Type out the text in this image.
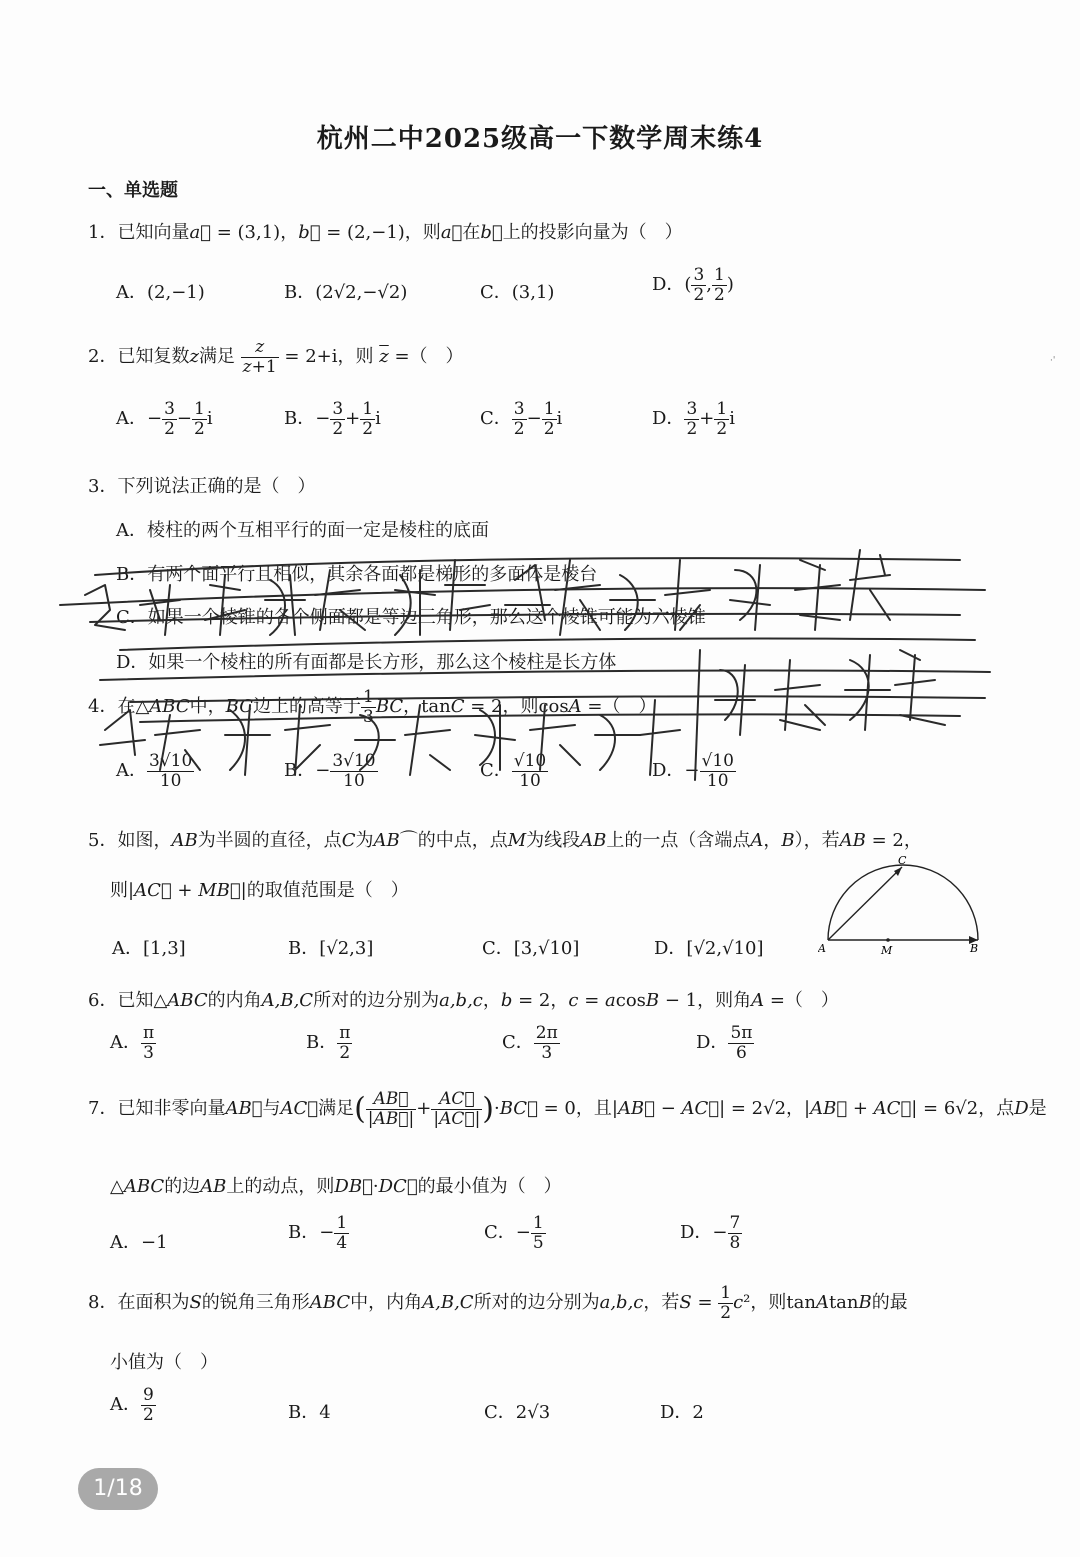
杭州二中2025级高一下数学周末练4
一、单选题
1．已知向量a⃗ = (3,1)，b⃗ = (2,−1)，则a⃗在b⃗上的投影向量为（　）
A．(2,−1)	B．(2√2,−√2)	C．(3,1)	D．( $\frac{3}{2}$ , $\frac{1}{2}$ )
2．已知复数z满足 $\frac{z}{z+1} = 2+i$，则 $\overline{z}$ =（　）
A．− $\frac{3}{2} - \frac{1}{2}$ i	B．− $\frac{3}{2} + \frac{1}{2}$ i	C． $\frac{3}{2} - \frac{1}{2}$ i	D． $\frac{3}{2} + \frac{1}{2}$ i
3．下列说法正确的是（　）
A．棱柱的两个互相平行的面一定是棱柱的底面
B．有两个面平行且相似，其余各面都是梯形的多面体是棱台
C．如果一个棱锥的各个侧面都是等边三角形，那么这个棱锥可能为六棱锥
D．如果一个棱柱的所有面都是长方形，那么这个棱柱是长方体
4．在△ABC中，BC边上的高等于 $\frac{1}{3}$ BC，tanC = 2，则cosA =（　）
A． $\frac{3√10}{10}$	B．− $\frac{3√10}{10}$	C． $\frac{√10}{10}$	D．− $\frac{√10}{10}$
5．如图，AB为半圆的直径，点C为AB⌒的中点，点M为线段AB上的一点（含端点A，B），若AB = 2，
则|AC⃗ + MB⃗|的取值范围是（　）
A．[1,3]	B．[√2,3]	C．[3,√10]	D．[√2,√10]
C
A	M	B
6．已知△ABC的内角A,B,C所对的边分别为a,b,c，b = 2，c = acosB − 1，则角A =（　）
A． $\frac{\pi}{3}$	B． $\frac{\pi}{2}$	C． $\frac{2\pi}{3}$	D． $\frac{5\pi}{6}$
7．已知非零向量AB⃗与AC⃗满足( $\frac{AB⃗}{|AB⃗|} + \frac{AC⃗}{|AC⃗|}$ )·BC⃗ = 0，且|AB⃗ − AC⃗| = 2√2，|AB⃗ + AC⃗| = 6√2，点D是
△ABC的边AB上的动点，则DB⃗·DC⃗的最小值为（　）
A．−1	B．− $\frac{1}{4}$	C．− $\frac{1}{5}$	D．− $\frac{7}{8}$
8．在面积为S的锐角三角形ABC中，内角A,B,C所对的边分别为a,b,c，若$S = \frac{1}{2} c^2$，则tanAtanB的最
小值为（　）
A． $\frac{9}{2}$	B．4	C．2√3	D．2
·'
1/18
